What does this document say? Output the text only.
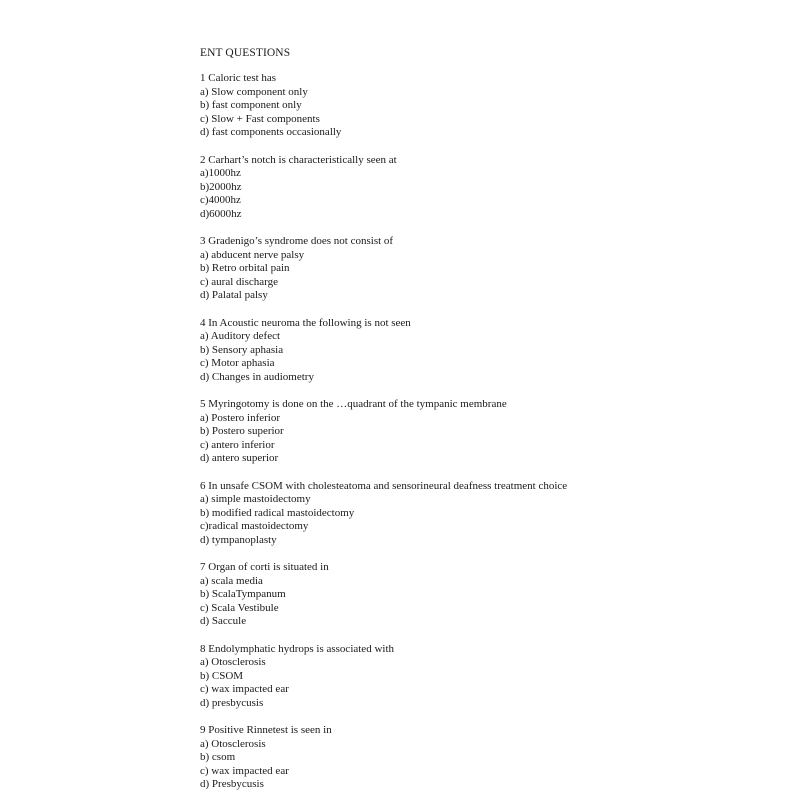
ENT QUESTIONS
1 Caloric test has
a) Slow component only
b) fast component only
c) Slow + Fast components
d) fast components occasionally
2 Carhart’s notch is characteristically seen at
a)1000hz
b)2000hz
c)4000hz
d)6000hz
3 Gradenigo’s syndrome does not consist of
a) abducent nerve palsy
b) Retro orbital pain
c) aural discharge
d) Palatal palsy
4 In Acoustic neuroma the following is not seen
a) Auditory defect
b) Sensory aphasia
c) Motor aphasia
d) Changes in audiometry
5 Myringotomy is done on the …quadrant of the tympanic membrane
a) Postero inferior
b) Postero superior
c) antero inferior
d) antero superior
6 In unsafe CSOM with cholesteatoma and sensorineural deafness treatment choice
a) simple mastoidectomy
b) modified radical mastoidectomy
c)radical mastoidectomy
d) tympanoplasty
7 Organ of corti is situated in
a) scala media
b) ScalaTympanum
c) Scala Vestibule
d) Saccule
8 Endolymphatic hydrops is associated with
a) Otosclerosis
b) CSOM
c) wax impacted ear
d) presbycusis
9 Positive Rinnetest is seen in
a) Otosclerosis
b) csom
c) wax impacted ear
d) Presbycusis
